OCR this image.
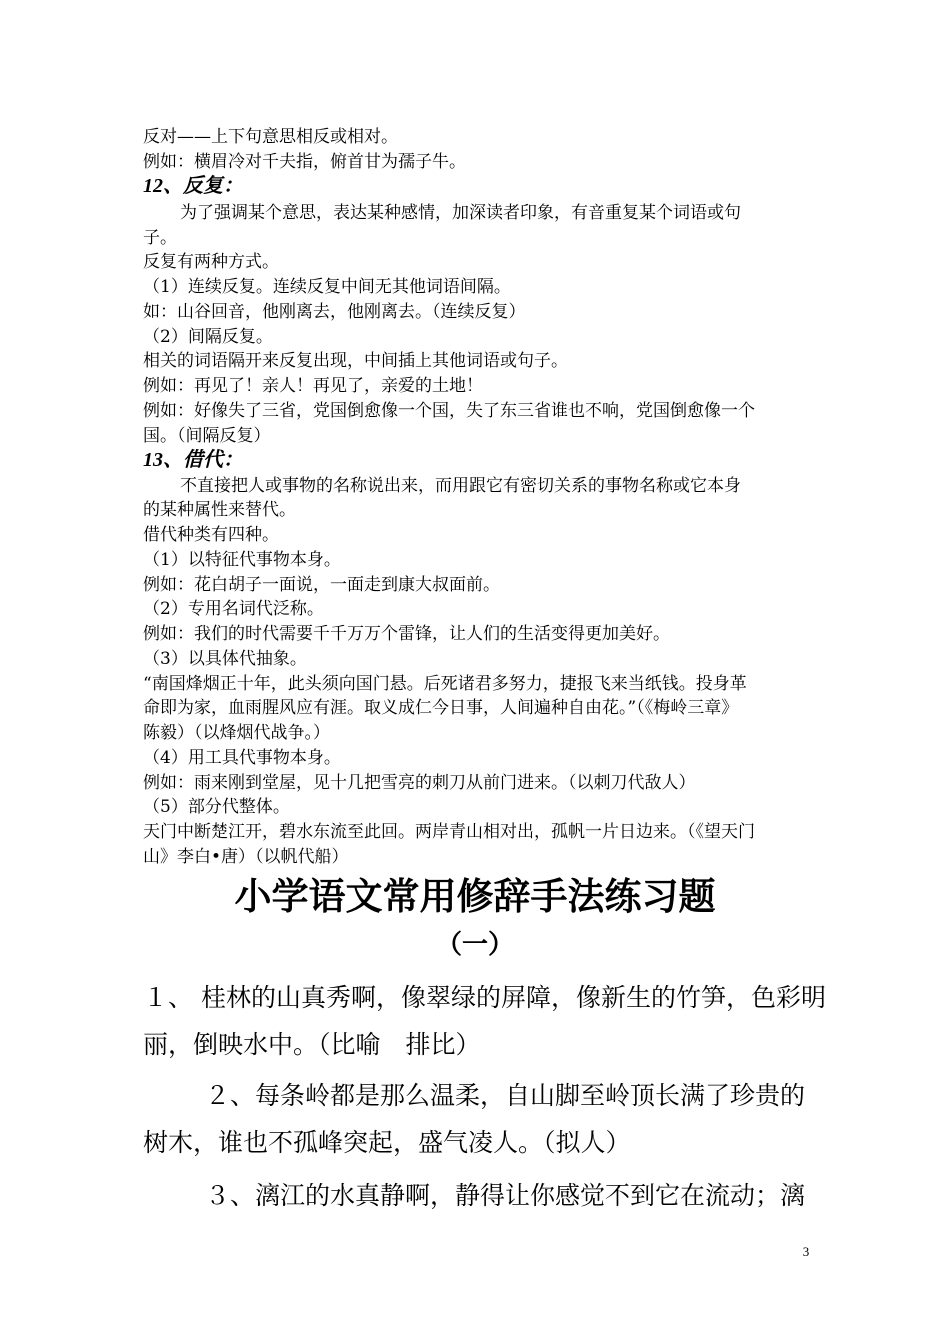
反对——上下句意思相反或相对。
例如：横眉冷对千夫指，俯首甘为孺子牛。
12、反复：
为了强调某个意思，表达某种感情，加深读者印象，有音重复某个词语或句
子。
反复有两种方式。
（1）连续反复。连续反复中间无其他词语间隔。
如：山谷回音，他刚离去，他刚离去。（连续反复）
（2）间隔反复。
相关的词语隔开来反复出现，中间插上其他词语或句子。
例如：再见了！亲人！再见了，亲爱的土地！
例如：好像失了三省，党国倒愈像一个国，失了东三省谁也不响，党国倒愈像一个
国。（间隔反复）
13、借代：
不直接把人或事物的名称说出来，而用跟它有密切关系的事物名称或它本身
的某种属性来替代。
借代种类有四种。
（1）以特征代事物本身。
例如：花白胡子一面说，一面走到康大叔面前。
（2）专用名词代泛称。
例如：我们的时代需要千千万万个雷锋，让人们的生活变得更加美好。
（3）以具体代抽象。
“南国烽烟正十年，此头须向国门悬。后死诸君多努力，捷报飞来当纸钱。投身革
命即为家，血雨腥风应有涯。取义成仁今日事，人间遍种自由花。”（《梅岭三章》
陈毅）（以烽烟代战争。）
（4）用工具代事物本身。
例如：雨来刚到堂屋，见十几把雪亮的刺刀从前门进来。（以刺刀代敌人）
（5）部分代整体。
天门中断楚江开，碧水东流至此回。两岸青山相对出，孤帆一片日边来。（《望天门
山》李白•唐）（以帆代船）
小学语文常用修辞手法练习题
（一）
１、 桂林的山真秀啊，像翠绿的屏障，像新生的竹笋，色彩明
丽，倒映水中。（比喻　排比）
２、每条岭都是那么温柔，自山脚至岭顶长满了珍贵的
树木，谁也不孤峰突起，盛气凌人。（拟人）
３、漓江的水真静啊，静得让你感觉不到它在流动；漓
3
